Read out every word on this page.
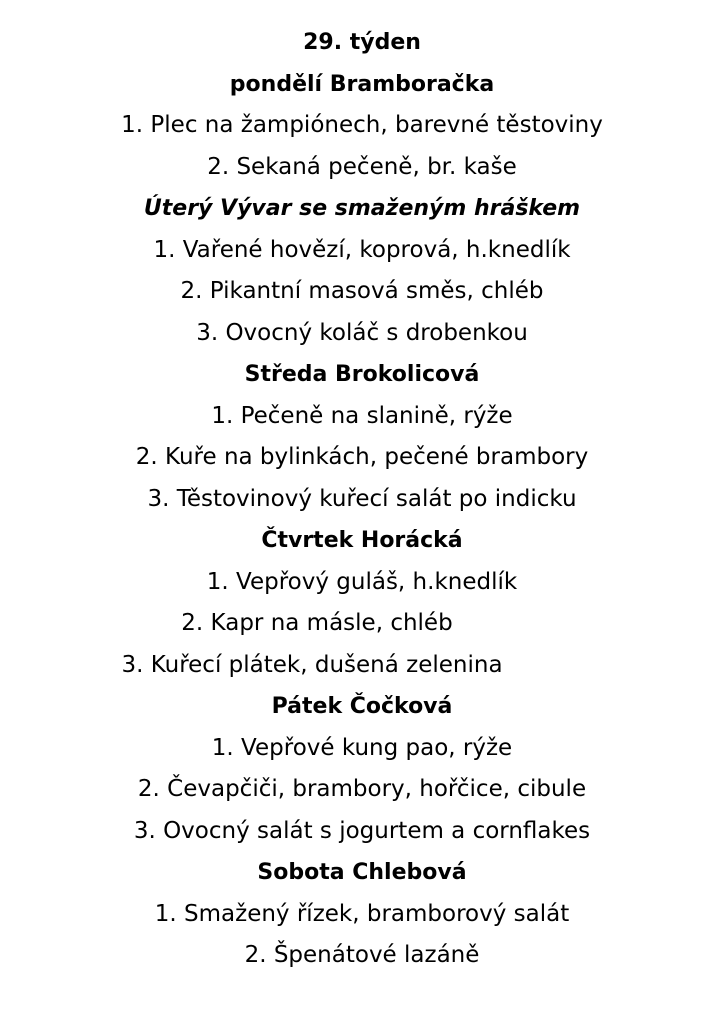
29. týden
pondělí Bramboračka
1. Plec na žampiónech, barevné těstoviny
2. Sekaná pečeně, br. kaše
Úterý Vývar se smaženým hráškem
1. Vařené hovězí, koprová, h.knedlík
2. Pikantní masová směs, chléb
3. Ovocný koláč s drobenkou
Středa Brokolicová
1. Pečeně na slanině, rýže
2. Kuře na bylinkách, pečené brambory
3. Těstovinový kuřecí salát po indicku
Čtvrtek Horácká
1. Vepřový guláš, h.knedlík
2. Kapr na másle, chléb
3. Kuřecí plátek, dušená zelenina
Pátek Čočková
1. Vepřové kung pao, rýže
2. Čevapčiči, brambory, hořčice, cibule
3. Ovocný salát s jogurtem a cornflakes
Sobota Chlebová
1. Smažený řízek, bramborový salát
2. Špenátové lazáně
